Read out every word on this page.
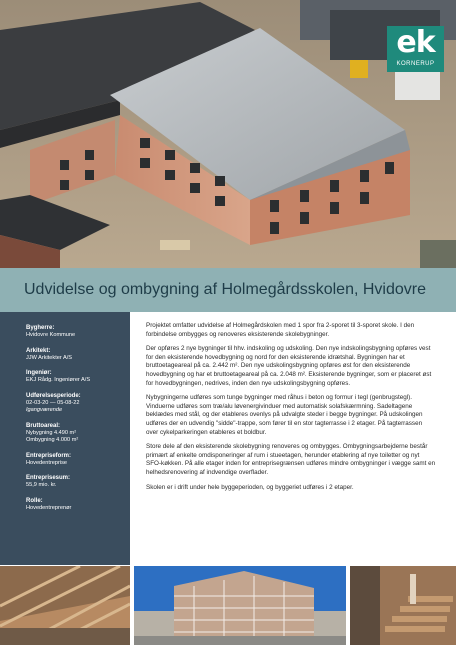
ek
KORNERUP
Udvidelse og ombygning af Holmegårdsskolen, Hvidovre
Bygherre:
Hvidovre Kommune
Arkitekt:
JJW Arkitekter A/S
Ingeniør:
EKJ Rådg. Ingeniører A/S
Udførelsesperiode:
02-03-20 — 05-08-22
Igangværende
Bruttoareal:
Nybygning 4.490 m²
Ombygning 4.000 m²
Entrepriseform:
Hovedentreprise
Entreprisesum:
55,9 mio. kr.
Rolle:
Hovedentreprenør

Projektet omfatter udvidelse af Holmegårdskolen med 1 spor fra 2-sporet til 3-sporet skole. I den forbindelse ombygges og renoveres eksisterende skolebygninger.

Der opføres 2 nye bygninger til hhv. indskoling og udskoling. Den nye indskolingsbygning opføres vest for den eksisterende hovedbygning og nord for den eksisterende idrætshal. Bygningen har et bruttoetageareal på ca. 2.442 m². Den nye udskolingsbygning opføres øst for den eksisterende hovedbygning og har et bruttoetageareal på ca. 2.048 m². Eksisterende bygninger, som er placeret øst for hovedbygningen, nedrives, inden den nye udskolingsbygning opføres.

Nybygningerne udføres som tunge bygninger med råhus i beton og formur i tegl (genbrugstegl). Vinduerne udføres som træ/alu løvenergivinduer med automatisk solafskærmning. Sadeltagene beklædes med stål, og der etableres ovenlys på udvalgte steder i begge bygninger. På udskolingen udføres der en udvendig "sidde"-trappe, som fører til en stor tagterrasse i 2 etager. På tagterrassen over cykelparkeringen etableres et boldbur.

Store dele af den eksisterende skolebygning renoveres og ombygges. Ombygningsarbejderne består primært af enkelte omdisponeringer af rum i stueetagen, herunder etablering af nye toiletter og nyt SFO-køkken. På alle etager inden for entreprisegrænsen udføres mindre ombygninger i vægge samt en helhedsrenovering af indvendige overflader.

Skolen er i drift under hele byggeperioden, og byggeriet udføres i 2 etaper.
